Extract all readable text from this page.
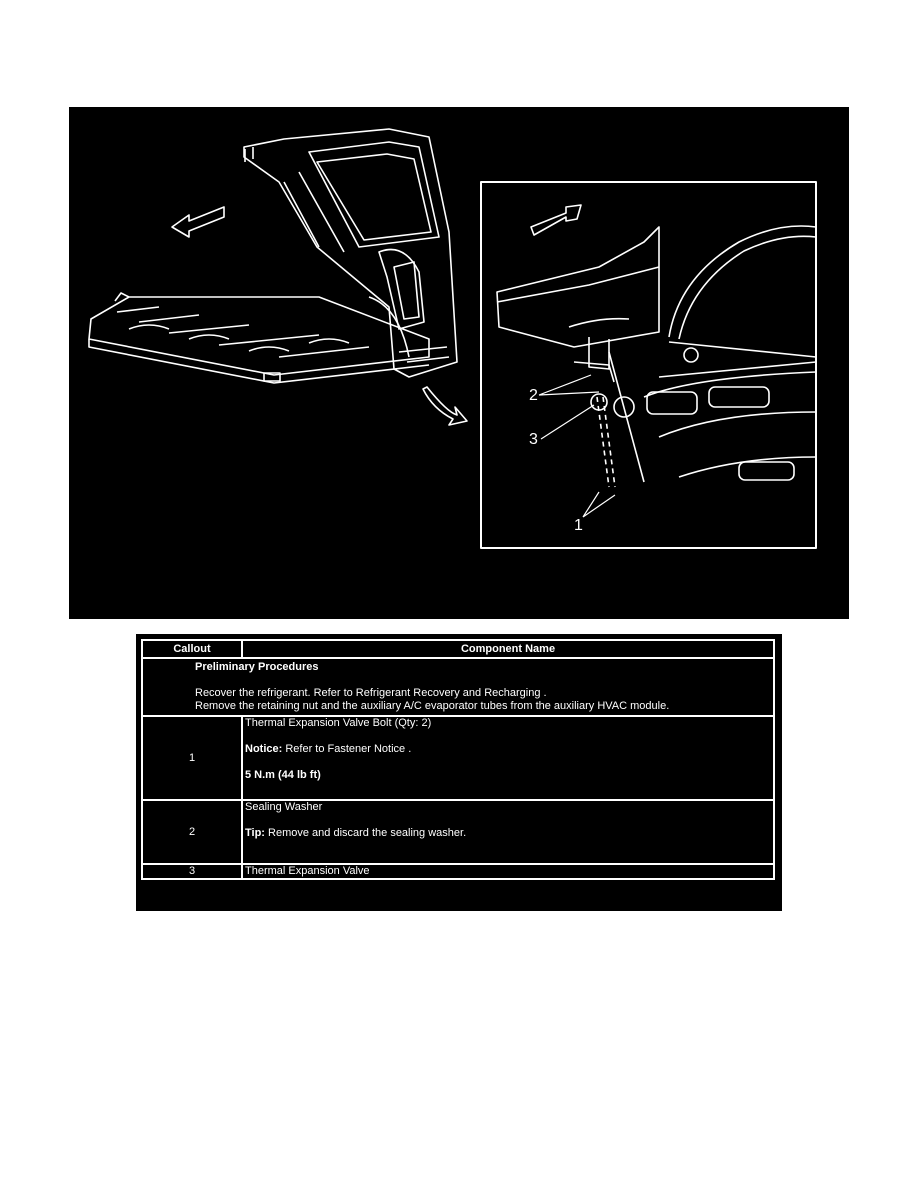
2
3
1
Callout	Component Name

Preliminary Procedures
Recover the refrigerant. Refer to Refrigerant Recovery and Recharging .
Remove the retaining nut and the auxiliary A/C evaporator tubes from the auxiliary HVAC module.	

1	Thermal Expansion Valve Bolt (Qty: 2)
Notice: Refer to Fastener Notice .
5 N.m (44 lb ft)

2	Sealing Washer
Tip: Remove and discard the sealing washer.

3	Thermal Expansion Valve
